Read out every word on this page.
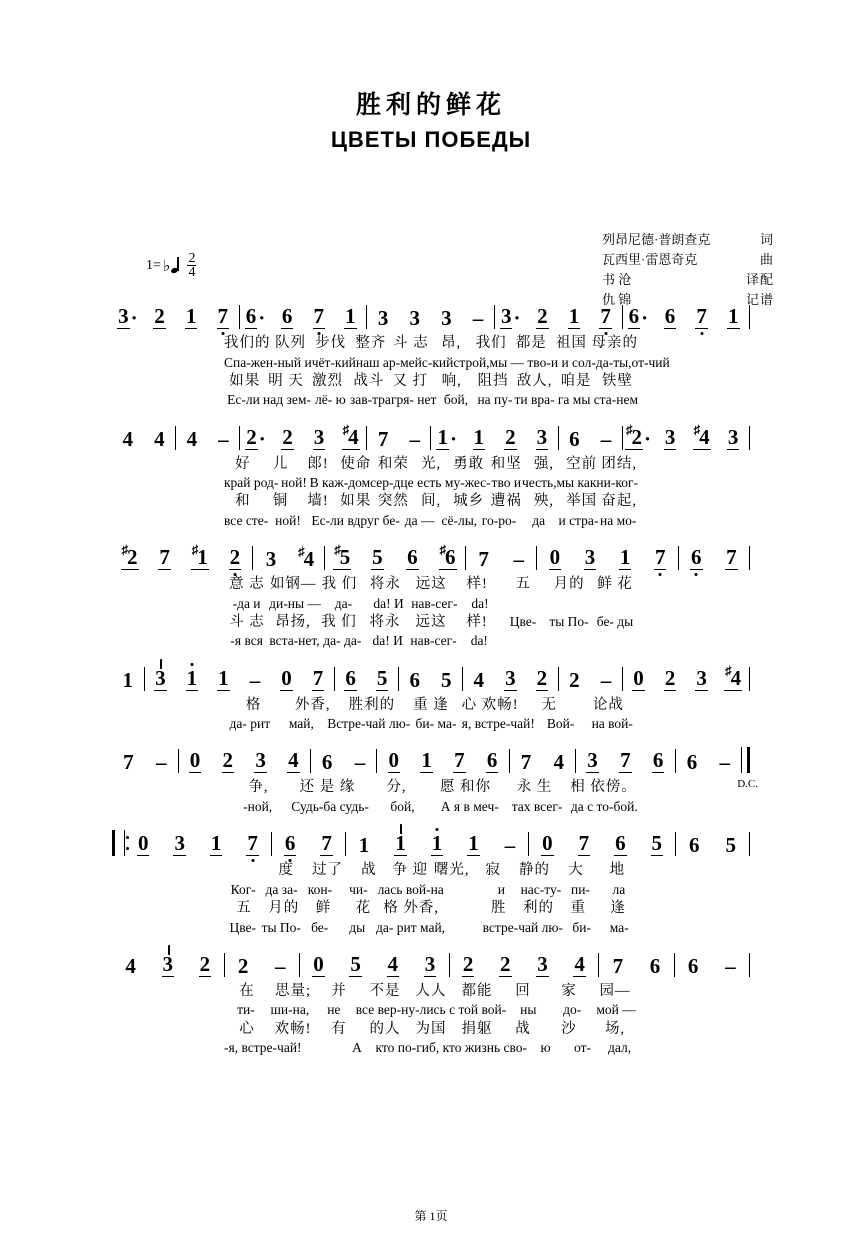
胜利的鲜花
ЦВЕТЫ ПОБЕДЫ
列昂尼德·普朗查克	词
瓦西里·雷恩奇克	曲
书 沧	译配
仇 锦	记谱
1= ♭ $\frac{2}{4}$
3 · 2 1 7 6 · 6 7 1 3 3 3 – 3 · 2 1 7 6 · 6 7 1
我们的 队列 步伐 整齐 斗 志 昂,	我们 都是 祖国 母亲的
Спа-жен- ный и чёт-кий наш ар- мейс-кий строй, мы — тво- и и сол- да-ты, от-чий
如果 明 天 激烈 战斗 又 打 响,	阻挡 敌人, 咱是 铁壁
Ес-ли над зем- лё- ю зав-тра гря- нет бой, на пу- ти вра- га мы ста-нем
4 4 4 – 2 · 2 3 ♯4 7 – 1 · 1 2 3 6 – ♯2 · 3 ♯4 3
好	儿	郎! 使命 和荣 光, 勇敢 和坚 强, 空前 团结,
край род- ной! В каж-дом сер-дце есть му-жес- тво и честь, мы как ни-ког-
和	铜	墙! 如果 突然 间, 城乡 遭祸 殃, 举国 奋起,
все сте- ной! Ес-ли вдруг бе- да — сё-лы, го-ро-	да и стра- на мо-
♯2 7 ♯1 2 3 ♯4 ♯5 5 6 ♯6 7 – 0 3 1 7 6 7
意 志 如钢— 我 们 将永	远这	样!	五	月的 鲜 花
-да и ди-ны —	да-	da! И нав-сег-	da!
斗 志 昂扬, 我 们 将永	远这	样!	Цве- ты По- бе- ды
-я вся вста-нет, да- да- da! И нав-сег-	da!
1 3 1 1 – 0 7 6 5 6 5 4 3 2 2 – 0 2 3 ♯4
格	外香,	胜利的	重 逢 心 欢畅!	无	论战
да- рит	май, Встре-чай лю- би- ма- я, встре-чай! Вой-	на вой-
7 – 0 2 3 4 6 – 0 1 7 6 7 4 3 7 6 6 –
争,	还 是 缘	分,	愿 和你	永 生	相 依傍。
-ной,	Судь-ба судь-	бой,	А я в меч- тах всег- да с то-бой.
D.C.
0 3 1 7 6 7 1 1 1 1 – 0 7 6 5 6 5
度	过了	战	争 迎 曙光,	寂	静的	大	地
Ког- да за- кон-	чи- лась вой-на	и	нас-ту- пи-	ла
五	月的	鲜	花 格 外香,	胜	利的	重	逢
Цве- ты По- бе-	ды да- рит май,	встре-чай лю- би-	ма-
4 3 2 2 – 0 5 4 3 2 2 3 4 7 6 6 –
在	思量;	并	不是	人人	都能	回	家	园—
ти-	ши-на,	не	все вер- ну-лись с той вой-	ны	до-	мой —
心	欢畅!	有	的人	为国	捐躯	战	沙	场,
-я, встре-чай!	А	кто по- гиб, кто жизнь сво- ю	от-	дал,
第 1页
